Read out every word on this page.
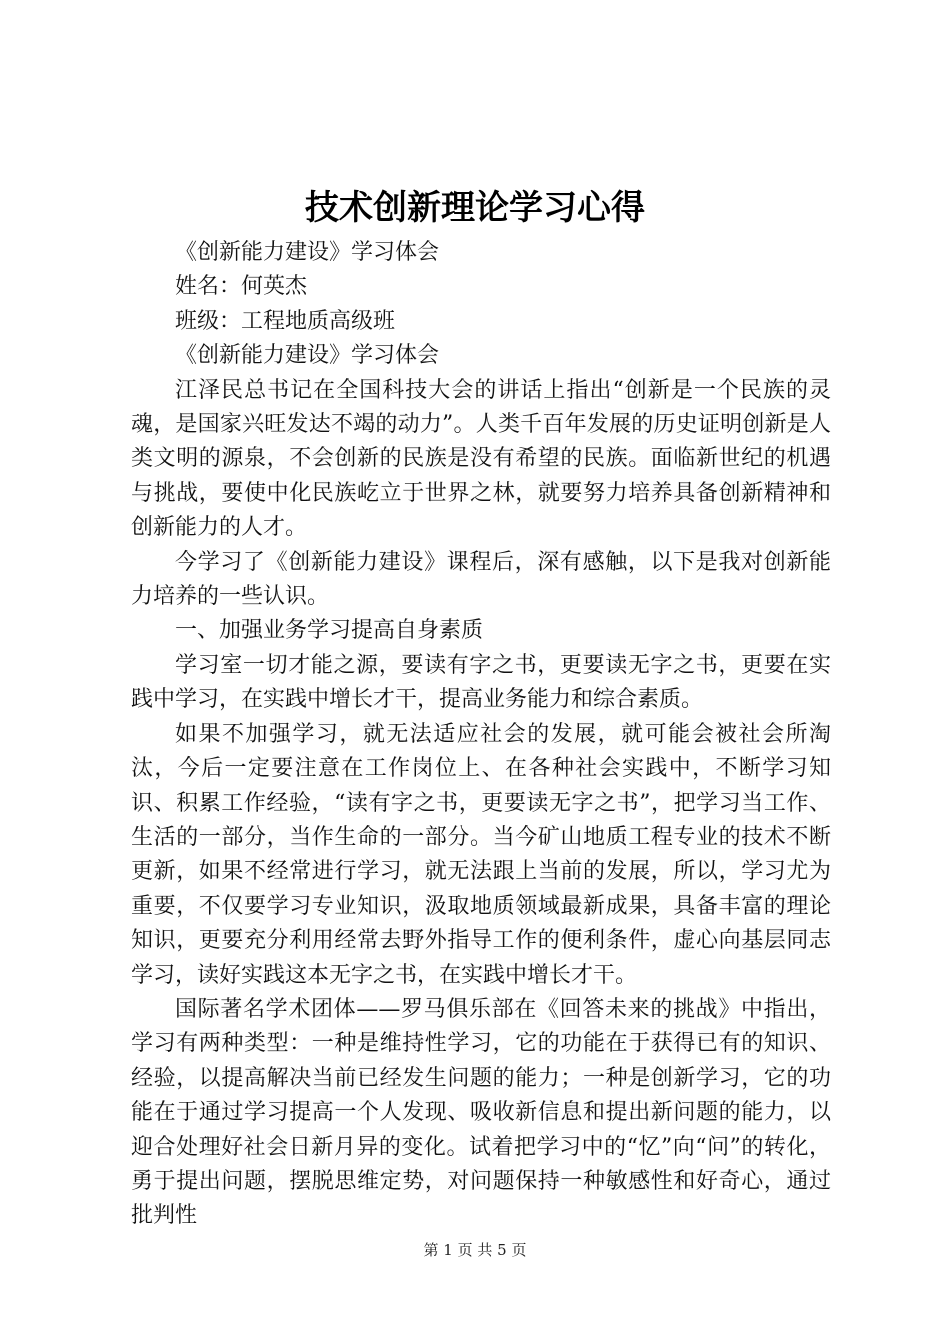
技术创新理论学习心得

《创新能力建设》学习体会

姓名：何英杰

班级：工程地质高级班

《创新能力建设》学习体会

江泽民总书记在全国科技大会的讲话上指出“创新是一个民族的灵魂，是国家兴旺发达不竭的动力”。人类千百年发展的历史证明创新是人类文明的源泉，不会创新的民族是没有希望的民族。面临新世纪的机遇与挑战，要使中化民族屹立于世界之林，就要努力培养具备创新精神和创新能力的人才。

今学习了《创新能力建设》课程后，深有感触，以下是我对创新能力培养的一些认识。

一、加强业务学习提高自身素质

学习室一切才能之源，要读有字之书，更要读无字之书，更要在实践中学习，在实践中增长才干，提高业务能力和综合素质。

如果不加强学习，就无法适应社会的发展，就可能会被社会所淘汰，今后一定要注意在工作岗位上、在各种社会实践中，不断学习知识、积累工作经验，“读有字之书，更要读无字之书”，把学习当工作、生活的一部分，当作生命的一部分。当今矿山地质工程专业的技术不断更新，如果不经常进行学习，就无法跟上当前的发展，所以，学习尤为重要，不仅要学习专业知识，汲取地质领域最新成果，具备丰富的理论知识，更要充分利用经常去野外指导工作的便利条件，虚心向基层同志学习，读好实践这本无字之书，在实践中增长才干。

国际著名学术团体——罗马俱乐部在《回答未来的挑战》中指出，学习有两种类型：一种是维持性学习，它的功能在于获得已有的知识、经验，以提高解决当前已经发生问题的能力；一种是创新学习，它的功能在于通过学习提高一个人发现、吸收新信息和提出新问题的能力，以迎合处理好社会日新月异的变化。试着把学习中的“忆”向“问”的转化，勇于提出问题，摆脱思维定势，对问题保持一种敏感性和好奇心，通过批判性

第 1 页 共 5 页
